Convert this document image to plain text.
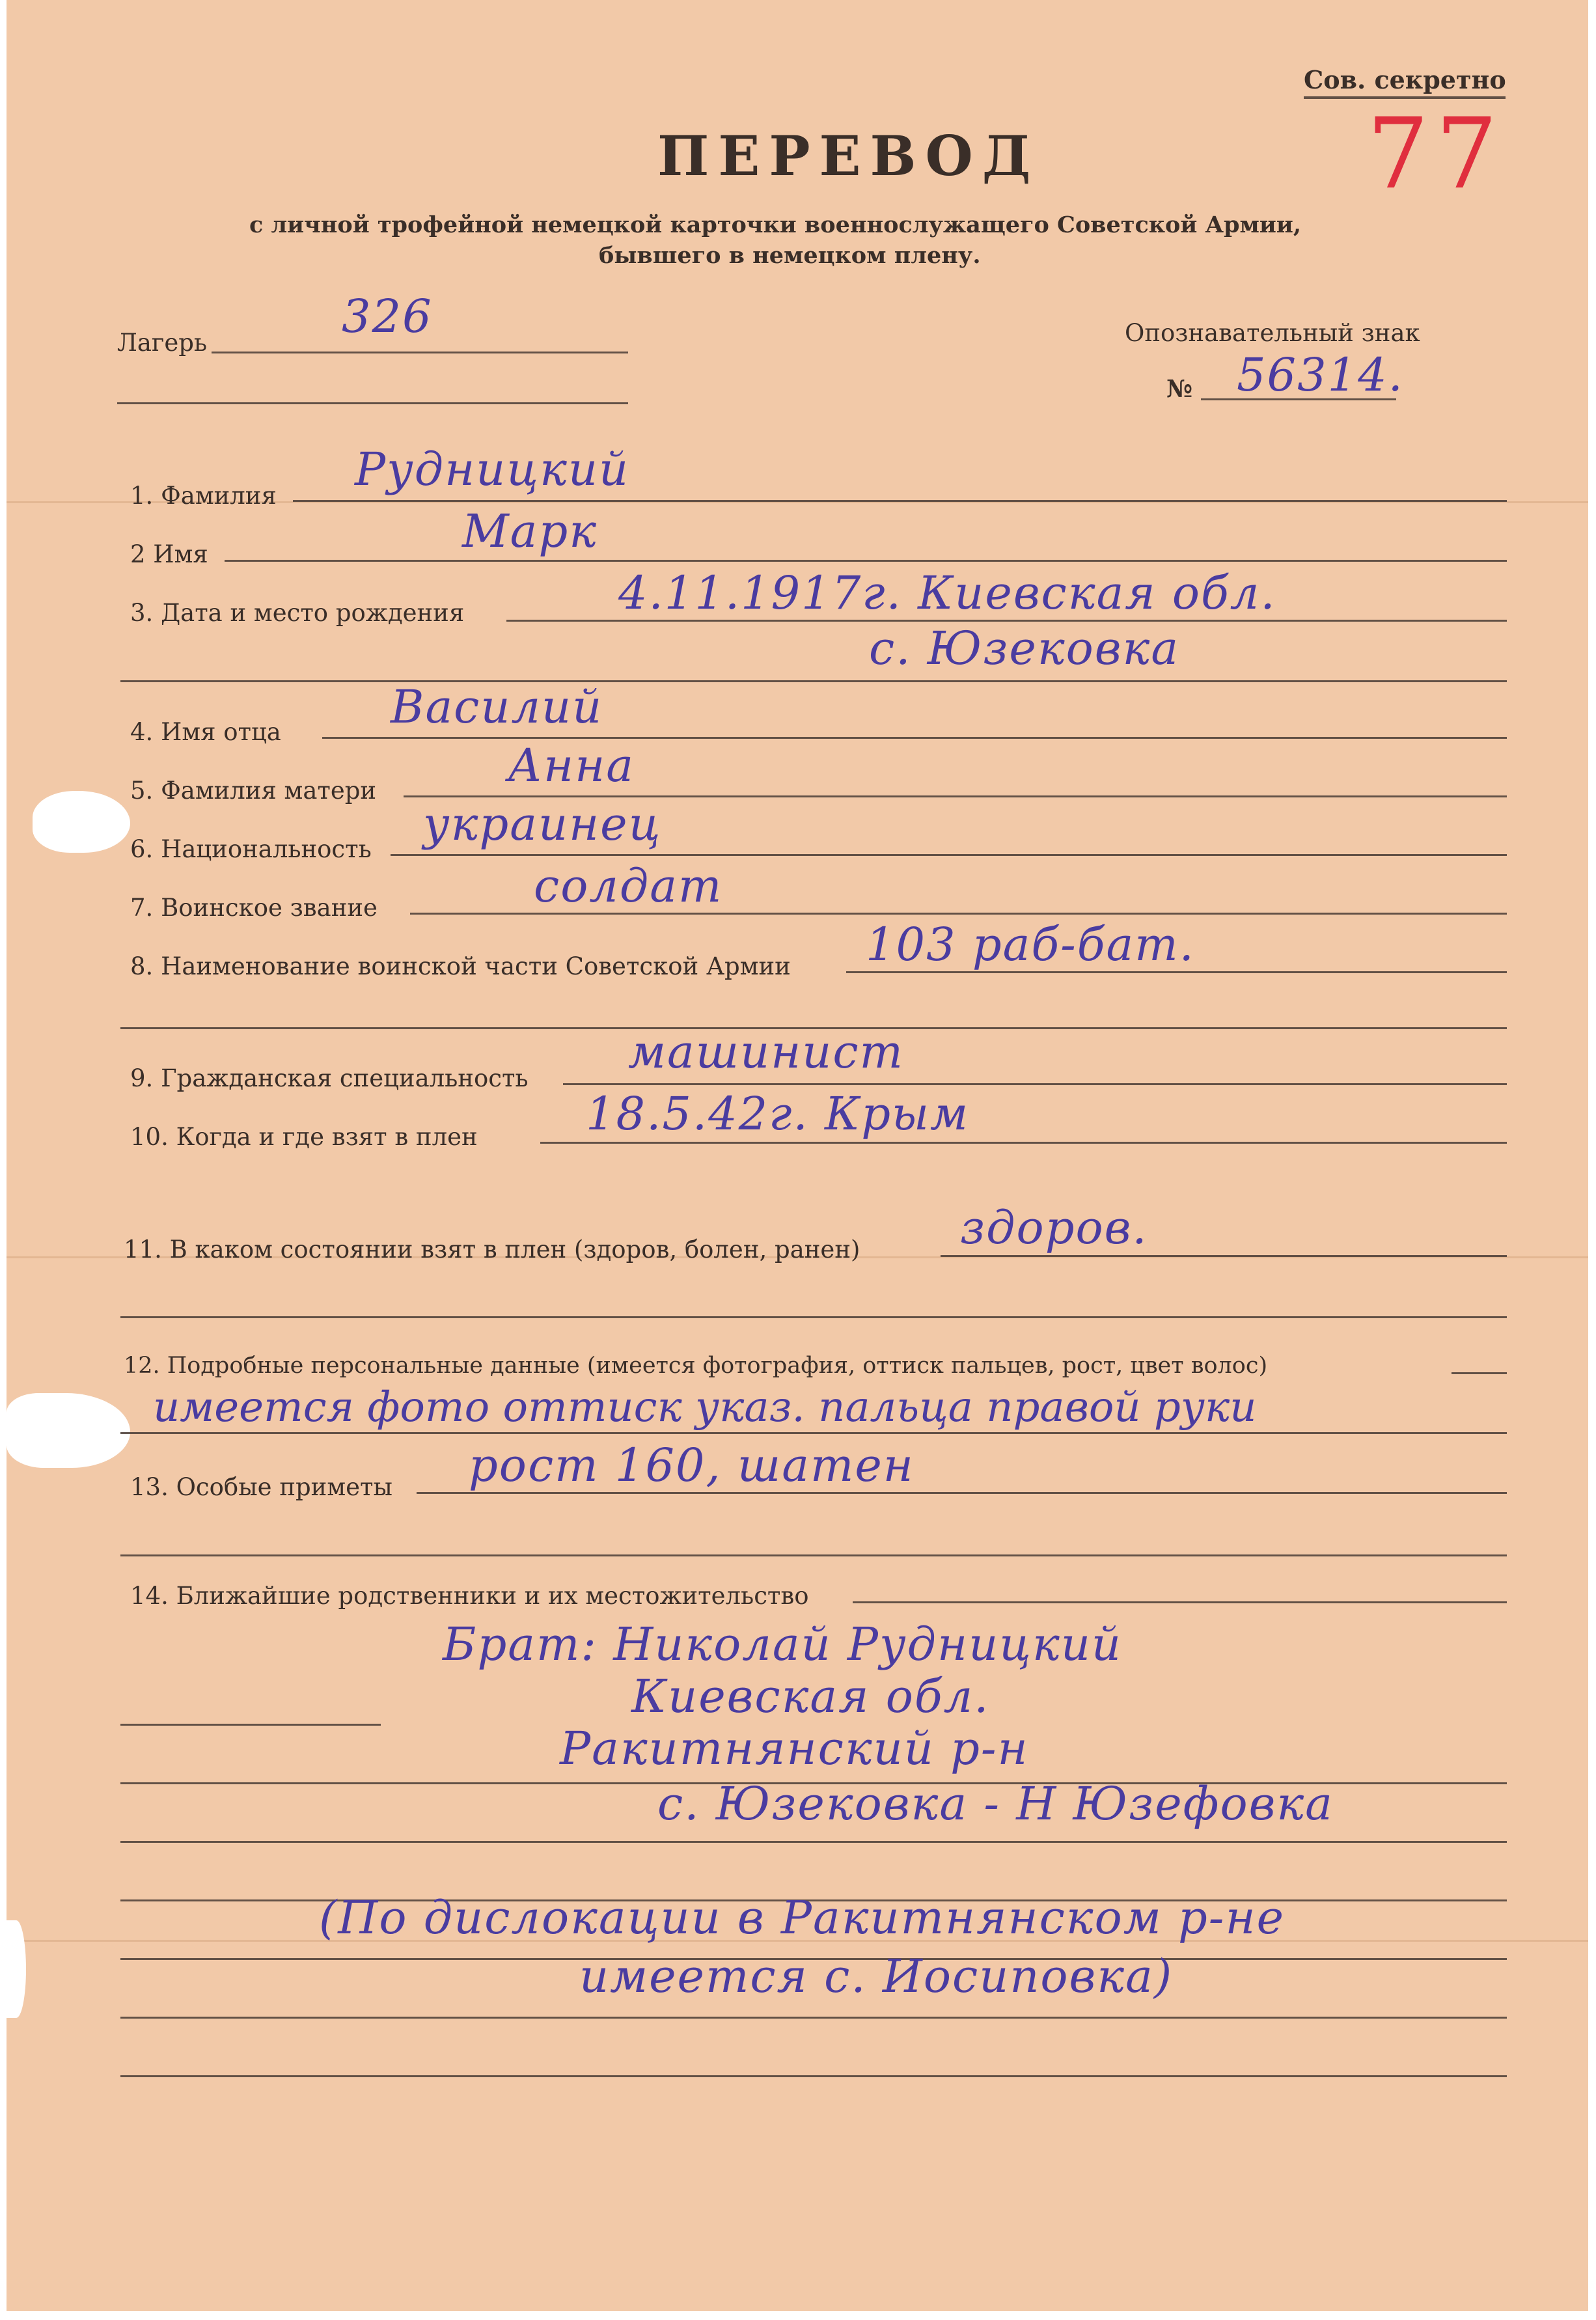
Сов. секретно
77
ПЕРЕВОД
с личной трофейной немецкой карточки военнослужащего Советской Армии,
бывшего в немецком плену.
Лагерь	326	Опознавательный знак
№ 56314.
1. Фамилия Рудницкий
2 Имя	Марк
3. Дата и место рождения	4.11.1917г. Киевская обл.
с. Юзековка
4. Имя отца Василий
5. Фамилия матери	Анна
6. Национальность украинец
7. Воинское звание	солдат
8. Наименование воинской части Советской Армии 103 раб-бат.
9. Гражданская специальность машинист
10. Когда и где взят в плен 18.5.42г. Крым
11. В каком состоянии взят в плен (здоров, болен, ранен) здоров.
12. Подробные персональные данные (имеется фотография, оттиск пальцев, рост, цвет волос)
имеется фото оттиск указ. пальца правой руки
13. Особые приметы рост 160, шатен
14. Ближайшие родственники и их местожительство
Брат: Николай Рудницкий
Киевская обл.
Ракитнянский р-н
с. Юзековка - Н Юзефовка
(По дислокации в Ракитнянском р-не
имеется с. Иосиповка)
